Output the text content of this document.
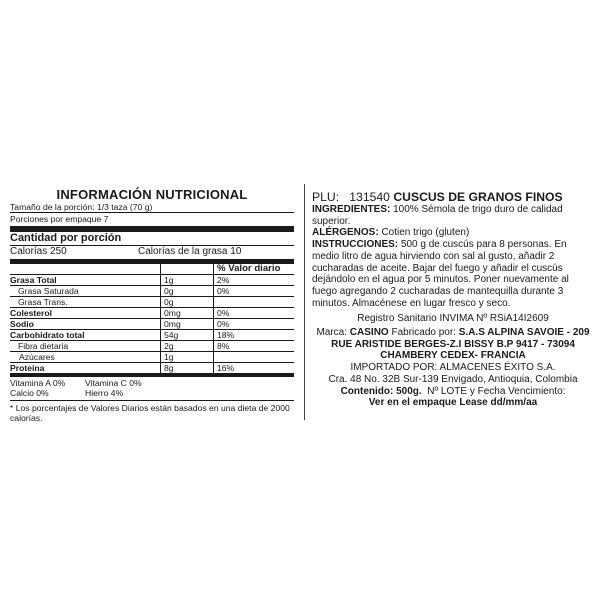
INFORMACIÓN NUTRICIONAL
Tamaño de la porción: 1/3 taza (70 g)
Porciones por empaque 7
Cantidad por porción
Calorías 250	Calorías de la grasa 10
		% Valor diario
Grasa Total	1g	2%
Grasa Saturada	0g	0%
Grasa Trans.	0g	
Colesterol	0mg	0%
Sodio	0mg	0%
Carbohidrato total	54g	18%
Fibra dietaria	2g	8%
Azúcares	1g	
Proteina	8g	16%
Vitamina A 0%	Vitamina C 0%
Calcio 0%	Hierro 4%
* Los porcentajes de Valores Diarios están basados en una dieta de 2000 calorías.
PLU: 131540 CUSCUS DE GRANOS FINOS
INGREDIENTES: 100% Sémola de trigo duro de calidad superior.
ALÉRGENOS: Cotien trigo (gluten)
INSTRUCCIONES: 500 g de cuscús para 8 personas. En medio litro de agua hirviendo con sal al gusto, añadir 2 cucharadas de aceite. Bajar del fuego y añadir el cuscús dejándolo en el agua por 5 minutos. Poner nuevamente al fuego agregando 2 cucharadas de mantequilla durante 3 minutos. Almacénese en lugar fresco y seco.
Registro Sanitario INVIMA Nº RSiA14I2609
Marca: CASINO Fabricado por: S.A.S ALPINA SAVOIE - 209
RUE ARISTIDE BERGES-Z.I BISSY B.P 9417 - 73094
CHAMBERY CEDEX- FRANCIA
IMPORTADO POR: ALMACENES ÉXITO S.A.
Cra. 48 No. 32B Sur-139 Envigado, Antioquia, Colombia
Contenido: 500g. Nº LOTE y Fecha Vencimiento:
Ver en el empaque Lease dd/mm/aa
